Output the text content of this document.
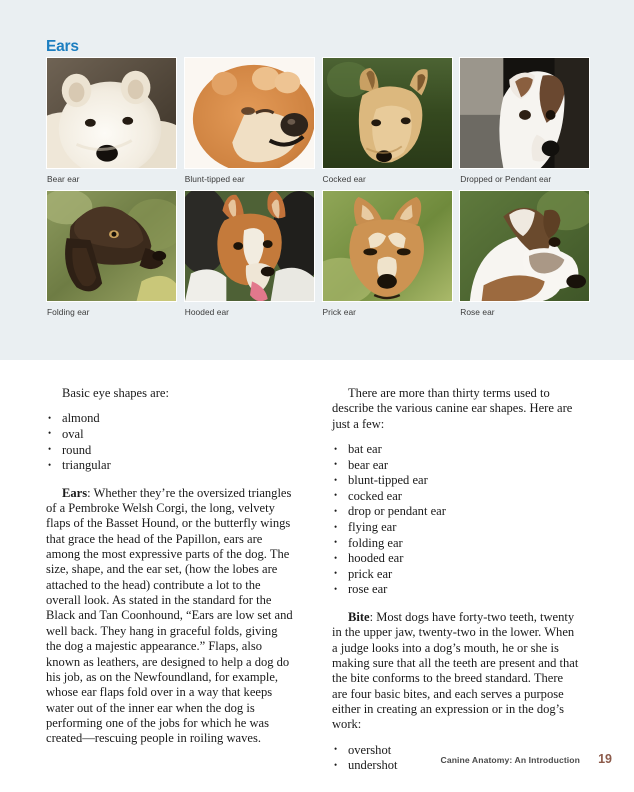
Ears
Bear ear	Blunt-tipped ear	Cocked ear	Dropped or Pendant ear
Folding ear	Hooded ear	Prick ear	Rose ear

Basic eye shapes are:

• almond
• oval
• round
• triangular

Ears: Whether they’re the oversized triangles of a Pembroke Welsh Corgi, the long, velvety flaps of the Basset Hound, or the butterfly wings that grace the head of the Papillon, ears are among the most expressive parts of the dog. The size, shape, and the ear set, (how the lobes are attached to the head) contribute a lot to the overall look. As stated in the standard for the Black and Tan Coonhound, “Ears are low set and well back. They hang in graceful folds, giving the dog a majestic appearance.” Flaps, also known as leathers, are designed to help a dog do his job, as on the Newfoundland, for example, whose ear flaps fold over in a way that keeps water out of the inner ear when the dog is performing one of the jobs for which he was created—rescuing people in roiling waves.

There are more than thirty terms used to describe the various canine ear shapes. Here are just a few:

• bat ear
• bear ear
• blunt-tipped ear
• cocked ear
• drop or pendant ear
• flying ear
• folding ear
• hooded ear
• prick ear
• rose ear

Bite: Most dogs have forty-two teeth, twenty in the upper jaw, twenty-two in the lower. When a judge looks into a dog’s mouth, he or she is making sure that all the teeth are present and that the bite conforms to the breed standard. There are four basic bites, and each serves a purpose either in creating an expression or in the dog’s work:

• overshot
• undershot	Canine Anatomy: An Introduction 19
